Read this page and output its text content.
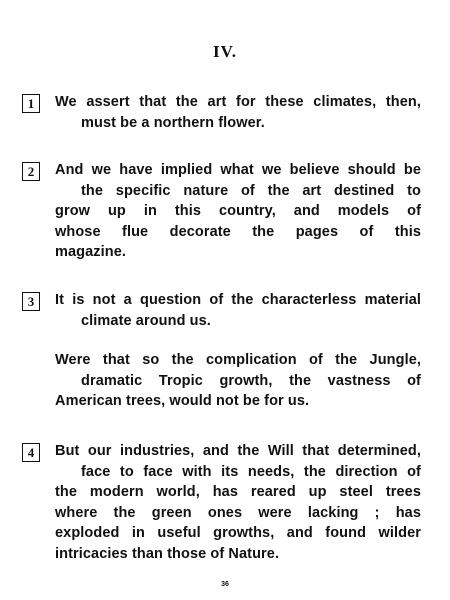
IV.
1	We assert that the art for these climates, then,
must be a northern flower.
2	And we have implied what we believe should be
the specific nature of the art destined to
grow up in this country, and models of
whose flue decorate the pages of this
magazine.
3	It is not a question of the characterless material
climate around us.
Were that so the complication of the Jungle,
dramatic Tropic growth, the vastness of
American trees, would not be for us.
4	But our industries, and the Will that determined,
face to face with its needs, the direction of
the modern world, has reared up steel trees
where the green ones were lacking ; has
exploded in useful growths, and found wilder
intricacies than those of Nature.
36
